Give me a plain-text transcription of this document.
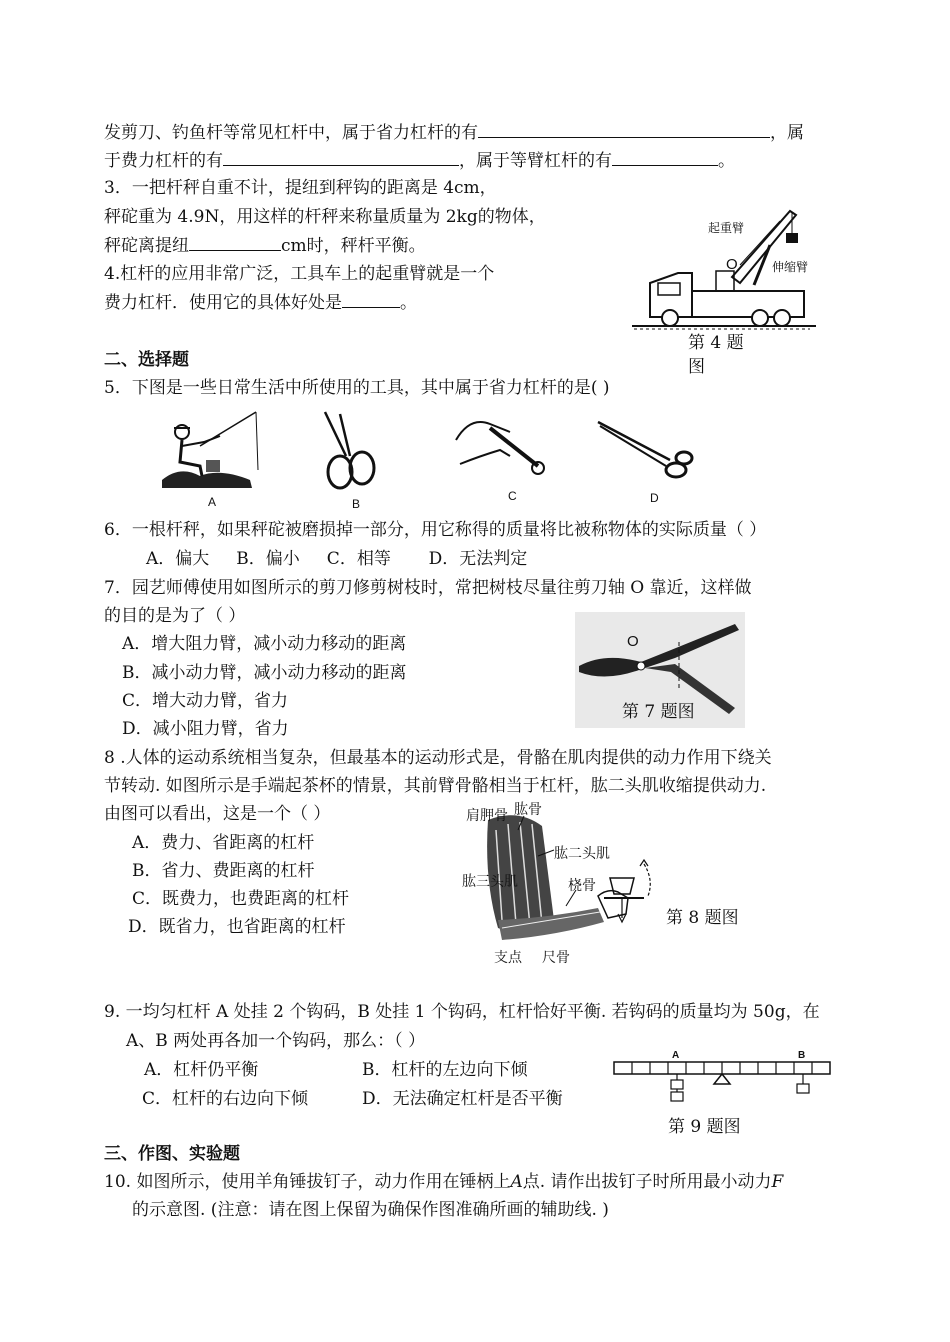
发剪刀、钓鱼杆等常见杠杆中，属于省力杠杆的有	，属
于费力杠杆的有	，属于等臂杠杆的有	。
3．一把杆秤自重不计，提纽到秤钩的距离是 4cm，
秤砣重为 4.9N，用这样的杆秤来称量质量为 2kg的物体，
秤砣离提纽	cm时，秤杆平衡。
4.杠杆的应用非常广泛，工具车上的起重臂就是一个
费力杠杆．使用它的具体好处是	。
起重臂
O	伸缩臂
第 4 题
图
二、选择题
5．下图是一些日常生活中所使用的工具，其中属于省力杠杆的是( )
A	B
C	D
6．一根杆秤，如果秤砣被磨损掉一部分，用它称得的质量将比被称物体的实际质量（ ）
A．偏大     B．偏小     C．相等       D．无法判定
7．园艺师傅使用如图所示的剪刀修剪树枝时，常把树枝尽量往剪刀轴 O 靠近，这样做
的目的是为了（ ）
A．增大阻力臂，减小动力移动的距离
B．减小动力臂，减小动力移动的距离
C．增大动力臂，省力
D．减小阻力臂，省力
O
第 7 题图
8 .人体的运动系统相当复杂，但最基本的运动形式是，骨骼在肌肉提供的动力作用下绕关
节转动. 如图所示是手端起茶杯的情景，其前臂骨骼相当于杠杆，肱二头肌收缩提供动力.
由图可以看出，这是一个（ ）
A．费力、省距离的杠杆
B．省力、费距离的杠杆
C．既费力，也费距离的杠杆
D．既省力，也省距离的杠杆
肩胛骨 肱骨
肱二头肌
肱三头肌	桡骨
支点 尺骨
第 8 题图
9. 一均匀杠杆 A 处挂 2 个钩码，B 处挂 1 个钩码，杠杆恰好平衡. 若钩码的质量均为 50g，在
A、B 两处再各加一个钩码，那么：（ ）
A．杠杆仍平衡	B．杠杆的左边向下倾
C．杠杆的右边向下倾	D．无法确定杠杆是否平衡
A	B
第 9 题图
三、作图、实验题
10. 如图所示，使用羊角锤拔钉子，动力作用在锤柄上A点. 请作出拔钉子时所用最小动力F
的示意图. (注意：请在图上保留为确保作图准确所画的辅助线. )
